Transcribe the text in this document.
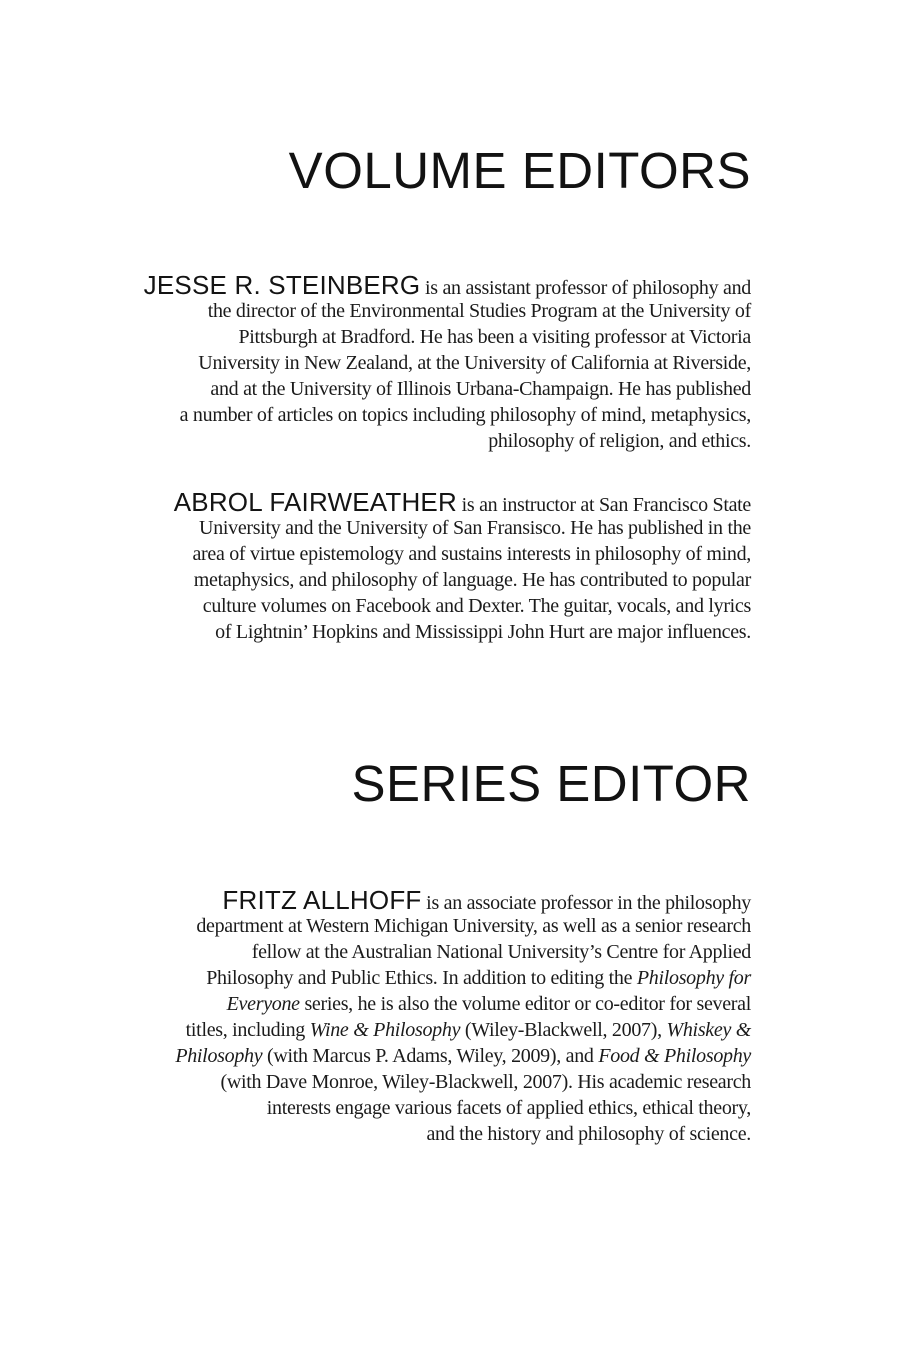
VOLUME EDITORS
JESSE R. STEINBERG is an assistant professor of philosophy and
the director of the Environmental Studies Program at the University of
Pittsburgh at Bradford. He has been a visiting professor at Victoria
University in New Zealand, at the University of California at Riverside,
and at the University of Illinois Urbana-Champaign. He has published
a number of articles on topics including philosophy of mind, metaphysics,
philosophy of religion, and ethics.
ABROL FAIRWEATHER is an instructor at San Francisco State
University and the University of San Fransisco. He has published in the
area of virtue epistemology and sustains interests in philosophy of mind,
metaphysics, and philosophy of language. He has contributed to popular
culture volumes on Facebook and Dexter. The guitar, vocals, and lyrics
of Lightnin’ Hopkins and Mississippi John Hurt are major influences.
SERIES EDITOR
FRITZ ALLHOFF is an associate professor in the philosophy
department at Western Michigan University, as well as a senior research
fellow at the Australian National University’s Centre for Applied
Philosophy and Public Ethics. In addition to editing the Philosophy for
Everyone series, he is also the volume editor or co-editor for several
titles, including Wine & Philosophy (Wiley-Blackwell, 2007), Whiskey &
Philosophy (with Marcus P. Adams, Wiley, 2009), and Food & Philosophy
(with Dave Monroe, Wiley-Blackwell, 2007). His academic research
interests engage various facets of applied ethics, ethical theory,
and the history and philosophy of science.
